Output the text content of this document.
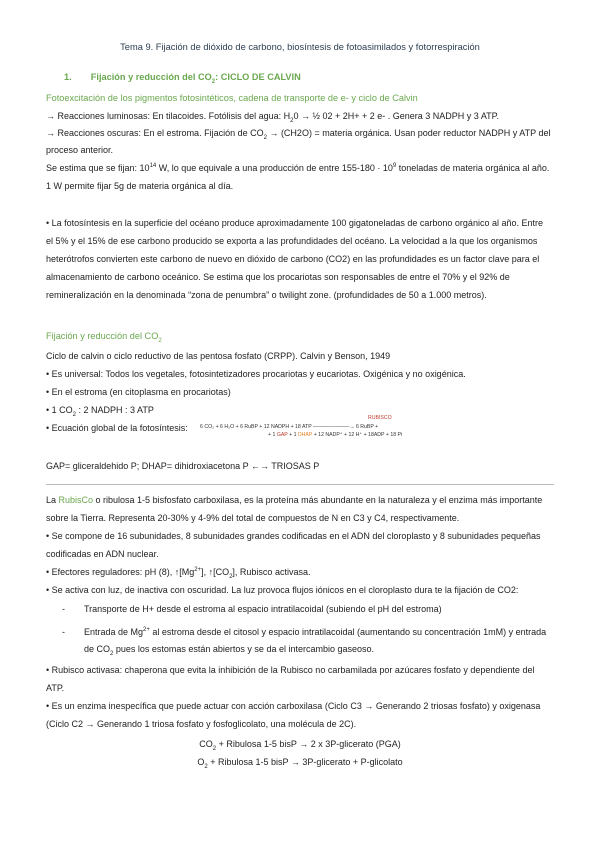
Tema 9. Fijación de dióxido de carbono, biosíntesis de fotoasimilados y fotorrespiración
1. Fijación y reducción del $CO_2$: CICLO DE CALVIN
Fotoexcitación de los pigmentos fotosintéticos, cadena de transporte de e- y ciclo de Calvin
→ Reacciones luminosas: En tilacoides. Fotólisis del agua: $H_20$ → ½ 02 + 2H+ + 2 e- . Genera 3 NADPH y 3 ATP.
→ Reacciones oscuras: En el estroma. Fijación de $CO_2 \to (CH2O)$ = materia orgánica. Usan poder reductor NADPH y ATP del
proceso anterior.
Se estima que se fijan: $10^{14}$ W, lo que equivale a una producción de entre $155-180 \cdot 10^9$ toneladas de materia orgánica al año.
1 W permite fijar 5g de materia orgánica al día.
• La fotosíntesis en la superficie del océano produce aproximadamente 100 gigatoneladas de carbono orgánico al año. Entre
el 5% y el 15% de ese carbono producido se exporta a las profundidades del océano. La velocidad a la que los organismos
heterótrofos convierten este carbono de nuevo en dióxido de carbono (CO2) en las profundidades es un factor clave para el
almacenamiento de carbono oceánico. Se estima que los procariotas son responsables de entre el 70% y el 92% de
remineralización en la denominada “zona de penumbra” o twilight zone. (profundidades de 50 a 1.000 metros).
Fijación y reducción del $CO_2$
Ciclo de calvin o ciclo reductivo de las pentosa fosfato (CRPP). Calvin y Benson, 1949
• Es universal: Todos los vegetales, fotosintetizadores procariotas y eucariotas. Oxigénica y no oxigénica.
• En el estroma (en citoplasma en procariotas)
• 1 $CO_2$ : 2 NADPH : 3 ATP
• Ecuación global de la fotosíntesis:
RUBISCO
6 CO₂ + 6 H₂O + 6 RuBP + 12 NADPH + 18 ATP ———————→ 6 RuBP +
+ 1 GAP + 1 DHAP + 12 NADP⁺ + 12 H⁺ + 18ADP + 18 Pi
GAP= gliceraldehido P; DHAP= dihidroxiacetona P ←→ TRIOSAS P
La RubisCo o ribulosa 1-5 bisfosfato carboxilasa, es la proteína más abundante en la naturaleza y el enzima más importante
sobre la Tierra. Representa 20-30% y 4-9% del total de compuestos de N en C3 y C4, respectivamente.
• Se compone de 16 subunidades, 8 subunidades grandes codificadas en el ADN del cloroplasto y 8 subunidades pequeñas
codificadas en ADN nuclear.
• Efectores reguladores: pH (8), $↑[Mg^{2+}]$, $↑[CO_2]$, Rubisco activasa.
• Se activa con luz, de inactiva con oscuridad. La luz provoca flujos iónicos en el cloroplasto dura te la fijación de CO2:
- Transporte de H+ desde el estroma al espacio intratilacoidal (subiendo el pH del estroma)
- Entrada de $Mg^{2+}$ al estroma desde el citosol y espacio intratilacoidal (aumentando su concentración 1mM) y entrada
de $CO_2$ pues los estomas están abiertos y se da el intercambio gaseoso.
• Rubisco activasa: chaperona que evita la inhibición de la Rubisco no carbamilada por azúcares fosfato y dependiente del
ATP.
• Es un enzima inespecífica que puede actuar con acción carboxilasa (Ciclo C3 → Generando 2 triosas fosfato) y oxigenasa
(Ciclo C2 → Generando 1 triosa fosfato y fosfoglicolato, una molécula de 2C).
$CO_2$ + Ribulosa 1-5 bisP → 2 x 3P-glicerato (PGA)
$O_2$ + Ribulosa 1-5 bisP → 3P-glicerato + P-glicolato
